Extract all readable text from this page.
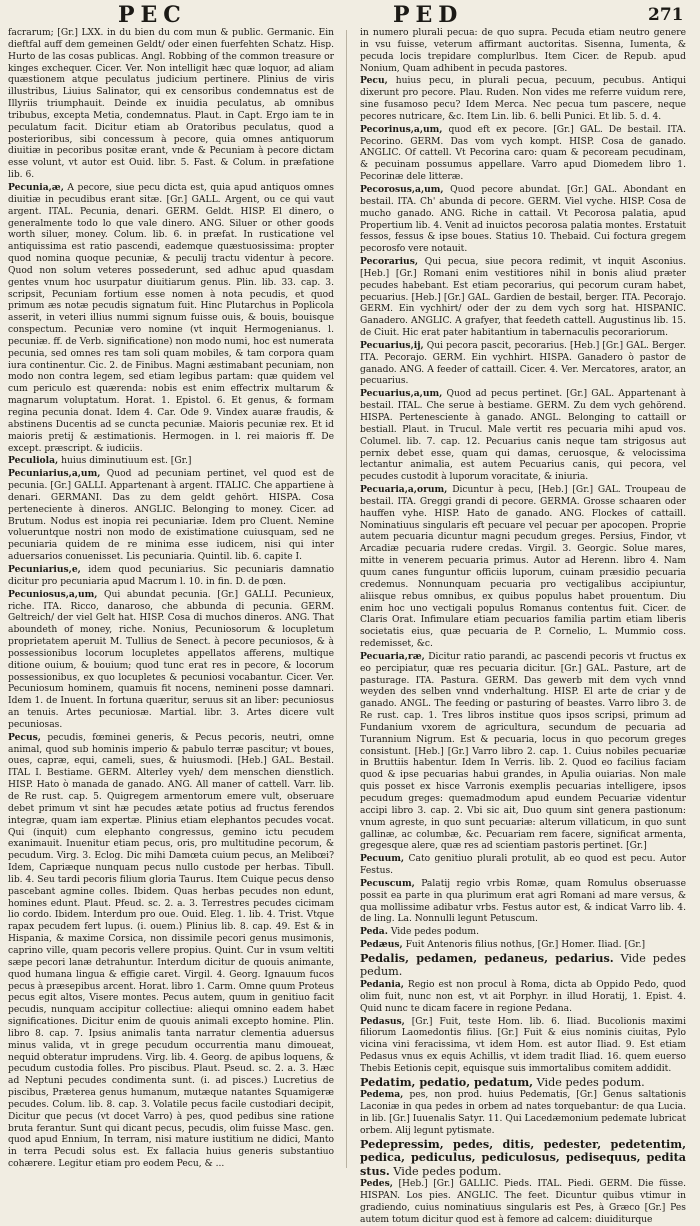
PEC	PED	271

facrarum; [Gr.] LXX. in du bien du com mun & public. Germanic. Ein dieftfal auff dem gemeinen Geldt/ oder einen fuerfehten Schatz. Hisp. Hurto de las cosas publicas. Angl. Robbing of the common treasure or kinges exchequer. Cicer. Ver. Non intelligit hæc quæ loquor, ad aliam quæstionem atque peculatus judicium pertinere. Plinius de viris illustribus, Liuius Salinator, qui ex censoribus condemnatus est de Illyriis triumphauit. Deinde ex inuidia peculatus, ab omnibus tribubus, excepta Metia, condemnatus. Plaut. in Capt. Ergo iam te in peculatum facit. Dicitur etiam ab Oratoribus peculatus, quod a posterioribus, sibi concessum à pecore, quia omnes antiquorum diuitiæ in pecoribus positæ erant, vnde & Pecuniam à pecore dictam esse volunt, vt autor est Ouid. libr. 5. Fast. & Colum. in præfatione lib. 6.

Pecunia,æ, A pecore, siue pecu dicta est, quia apud antiquos omnes diuitiæ in pecudibus erant sitæ. [Gr.] GALL. Argent, ou ce qui vaut argent. ITAL. Pecunia, denari. GERM. Geldt. HISP. El dinero, o generalmente todo lo que vale dinero. ANG. Siluer or other goods worth siluer, money. Colum. lib. 6. in præfat. In rusticatione vel antiquissima est ratio pascendi, eademque quæstuosissima: propter quod nomina quoque pecuniæ, & peculij tractu videntur à pecore. Quod non solum veteres possederunt, sed adhuc apud quasdam gentes vnum hoc usurpatur diuitiarum genus. Plin. lib. 33. cap. 3. scripsit, Pecuniam fortium esse nomen à nota pecudis, et quod primum æs notæ pecudis signatum fuit. Hinc Plutarchus in Poplicola asserit, in veteri illius nummi signum fuisse ouis, & bouis, bouisque conspectum. Pecuniæ vero nomine (vt inquit Hermogenianus. l. pecuniæ. ff. de Verb. significatione) non modo numi, hoc est numerata pecunia, sed omnes res tam soli quam mobiles, & tam corpora quam iura continentur. Cic. 2. de Finibus. Magni æstimabant pecuniam, non modo non contra legem, sed etiam legibus partam: quæ quidem vel cum periculo est quærenda: nobis est enim effectrix multarum & magnarum voluptatum. Horat. 1. Epistol. 6. Et genus, & formam regina pecunia donat. Idem 4. Car. Ode 9. Vindex auaræ fraudis, & abstinens Ducentis ad se cuncta pecuniæ. Maioris pecuniæ rex. Et id maioris pretij & æstimationis. Hermogen. in l. rei maioris ff. De except. præscript. & iudiciis.

Peculiola, huius diminutiuum est. [Gr.]

Pecuniarius,a,um, Quod ad pecuniam pertinet, vel quod est de pecunia. [Gr.] GALLI. Appartenant à argent. ITALIC. Che appartiene à denari. GERMANI. Das zu dem geldt gehört. HISPA. Cosa perteneciente à dineros. ANGLIC. Belonging to money. Cicer. ad Brutum. Nodus est inopia rei pecuniariæ. Idem pro Cluent. Nemine volueruntque nostri non modo de existimatione cuiusquam, sed ne pecuniaria quidem de re minima esse iudicem, nisi qui inter aduersarios conuenisset. Lis pecuniaria. Quintil. lib. 6. capite I.

Pecuniarius,e, idem quod pecuniarius. Sic pecuniaris damnatio dicitur pro pecuniaria apud Macrum l. 10. in fin. D. de pœn.

Pecuniosus,a,um, Qui abundat pecunia. [Gr.] GALLI. Pecunieux, riche. ITA. Ricco, danaroso, che abbunda di pecunia. GERM. Geltreich/ der viel Gelt hat. HISP. Cosa di muchos dineros. ANG. That aboundeth of money, riche. Nonius, Pecuniosorum & locupletum proprietatem aperuit M. Tullius de Senect. à pecore pecuniosos, & à possessionibus locorum locupletes appellatos afferens, multique ditione ouium, & bouium; quod tunc erat res in pecore, & locorum possessionibus, ex quo locupletes & pecuniosi vocabantur. Cicer. Ver. Pecuniosum hominem, quamuis fit nocens, nemineni posse damnari. Idem 1. de Inuent. In fortuna quæritur, seruus sit an liber: pecuniosus an tenuis. Artes pecuniosæ. Martial. libr. 3. Artes dicere vult pecuniosas.

Pecus, pecudis, fœminei generis, & Pecus pecoris, neutri, omne animal, quod sub hominis imperio & pabulo terræ pascitur; vt boues, oues, capræ, equi, cameli, sues, & huiusmodi. [Heb.] GAL. Bestail. ITAL I. Bestiame. GERM. Alterley vyeh/ dem menschen dienstlich. HISP. Hato ò manada de ganado. ANG. All maner of cattell. Varr. lib. de Re rust. cap. 5. Quigregem armentorum emere vult, obseruare debet primum vt sint hæ pecudes ætate potius ad fructus ferendos integræ, quam iam expertæ. Plinius etiam elephantos pecudes vocat. Qui (inquit) cum elephanto congressus, gemino ictu pecudem exanimauit. Inuenitur etiam pecus, oris, pro multitudine pecorum, & pecudum. Virg. 3. Eclog. Dic mihi Damœta cuium pecus, an Melibœi? Idem, Capriæque nunquam pecus nullo custode per herbas. Tibull. lib. 4. Seu tardi pecoris filium gloria Taurus. Item Cuique pecus denso pascebant agmine colles. Ibidem. Quas herbas pecudes non edunt, homines edunt. Plaut. Pfeud. sc. 2. a. 3. Terrestres pecudes cicimam lio cordo. Ibidem. Interdum pro oue. Ouid. Eleg. 1. lib. 4. Trist. Vtque rapax pecudem fert lupus. (i. ouem.) Plinius lib. 8. cap. 49. Est & in Hispania, & maxime Corsica, non dissimile pecori genus musimonis, caprino ville, quam pecoris vellere propius. Quint. Cur in vsum veltiti sæpe pecori lanæ detrahuntur. Interdum dicitur de quouis animante, quod humana lingua & effigie caret. Virgil. 4. Georg. Ignauum fucos pecus à præsepibus arcent. Horat. libro 1. Carm. Omne quum Proteus pecus egit altos, Visere montes. Pecus autem, quum in genitiuo facit pecudis, nunquam accipitur collectiue: aliequi omnino eadem habet significationes. Dicitur enim de quouis animali excepto homine. Plin. libro 8. cap. 7. Ipsius animalis tanta narratur clementia aduersus minus valida, vt in grege pecudum occurrentia manu dimoueat, nequid obteratur imprudens. Virg. lib. 4. Georg. de apibus loquens, & pecudum custodia folles. Pro piscibus. Plaut. Pseud. sc. 2. a. 3. Hæc ad Neptuni pecudes condimenta sunt. (i. ad pisces.) Lucretius de piscibus, Præterea genus humanum, mutæque natantes Squamigeræ pecudes. Colum. lib. 8. cap. 3. Volatile pecus facile custodiari decipit, Dicitur que pecus (vt docet Varro) à pes, quod pedibus sine ratione bruta ferantur. Sunt qui dicant pecus, pecudis, olim fuisse Masc. gen. quod apud Ennium, In terram, nisi mature iustitium ne didici, Manto in terra Pecudi solus est. Ex fallacia huius generis substantiuo cohærere. Legitur etiam pro eodem Pecu, & ...

in numero plurali pecua: de quo supra. Pecuda etiam neutro genere in vsu fuisse, veterum affirmant auctoritas. Sisenna, Iumenta, & pecuda locis trepidare complurlbus. Item Cicer. de Repub. apud Nonium, Quam adhibent in pecuda pastores.

Pecu, huius pecu, in plurali pecua, pecuum, pecubus. Antiqui dixerunt pro pecore. Plau. Ruden. Non vides me referre vuidum rere, sine fusamoso pecu? Idem Merca. Nec pecua tum pascere, neque pecores nutricare, &c. Item Lin. lib. 6. belli Punici. Et lib. 5. d. 4.

Pecorinus,a,um, quod eft ex pecore. [Gr.] GAL. De bestail. ITA. Pecorino. GERM. Das vom vych kompt. HISP. Cosa de ganado. ANGLIC. Of cattell. Vt Pecorina caro: quam & pecoream pecudinam, & pecuinam possumus appellare. Varro apud Diomedem libro 1. Pecorinæ dele litteræ.

Pecorosus,a,um, Quod pecore abundat. [Gr.] GAL. Abondant en bestail. ITA. Ch' abunda di pecore. GERM. Viel vyche. HISP. Cosa de mucho ganado. ANG. Riche in cattail. Vt Pecorosa palatia, apud Propertium lib. 4. Venit ad inuictos pecorosa palatia montes. Erstatuit fessos, fessus & ipse boues. Statius 10. Thebaid. Cui foctura gregem pecorosfo vere notauit.

Pecorarius, Qui pecua, siue pecora redimit, vt inquit Asconius. [Heb.] [Gr.] Romani enim vestitiores nihil in bonis aliud præter pecudes habebant. Est etiam pecorarius, qui pecorum curam habet, pecuarius. [Heb.] [Gr.] GAL. Gardien de bestail, berger. ITA. Pecorajo. GERM. Ein vychhirt/ oder der zu dem vych sorg hat. HISPANIC. Ganadero. ANGLIC. A grafyer, that feedeth cattell. Augustinus lib. 15. de Ciuit. Hic erat pater habitantium in tabernaculis pecorariorum.

Pecuarius,ij, Qui pecora pascit, pecorarius. [Heb.] [Gr.] GAL. Berger. ITA. Pecorajo. GERM. Ein vychhirt. HISPA. Ganadero ò pastor de ganado. ANG. A feeder of cattaill. Cicer. 4. Ver. Mercatores, arator, an pecuarius.

Pecuarius,a,um, Quod ad pecus pertinet. [Gr.] GAL. Appartenant à bestail. ITAL. Che serue à bestiame. GERM. Zu dem vych gehörend. HISPA. Pertenesciente à ganado. ANGL. Belonging to cattaill or bestiall. Plaut. in Trucul. Male vertit res pecuaria mihi apud vos. Columel. lib. 7. cap. 12. Pecuarius canis neque tam strigosus aut pernix debet esse, quam qui damas, ceruosque, & velocissima lectantur animalia, est autem Pecuarius canis, qui pecora, vel pecudes custodit à luporum voracitate, & iniuria.

Pecuaria,a,orum, Dicuntur à pecu, [Heb.] [Gr.] GAL. Troupeau de bestail. ITA. Greggi grandi di pecore. GERMA. Grosse schaaren oder hauffen vyhe. HISP. Hato de ganado. ANG. Flockes of cattaill. Nominatiuus singularis eft pecuare vel pecuar per apocopen. Proprie autem pecuaria dicuntur magni pecudum greges. Persius, Findor, vt Arcadiæ pecuaria rudere credas. Virgil. 3. Georgic. Solue mares, mitte in venerem pecuaria primus. Autor ad Herenn. libro 4. Nam quum canes funguntur officiis luporum, cuinam præsidio pecuaria credemus. Nonnunquam pecuaria pro vectigalibus accipiuntur, aliisque rebus omnibus, ex quibus populus habet prouentum. Diu enim hoc uno vectigali populus Romanus contentus fuit. Cicer. de Claris Orat. Infimulare etiam pecuarios familia partim etiam liberis societatis eius, quæ pecuaria de P. Cornelio, L. Mummio coss. redemisset, &c.

Pecuaria,ræ, Dicitur ratio parandi, ac pascendi pecoris vt fructus ex eo percipiatur, quæ res pecuaria dicitur. [Gr.] GAL. Pasture, art de pasturage. ITA. Pastura. GERM. Das gewerb mit dem vych vnnd weyden des selben vnnd vnderhaltung. HISP. El arte de criar y de ganado. ANGL. The feeding or pasturing of beastes. Varro libro 3. de Re rust. cap. 1. Tres libros institue quos ipsos scripsi, primum ad Fundanium vxorem de agricultura, secundum de pecuaria ad Turannium Nigrum. Est & pecuaria, locus in quo pecorum greges consistunt. [Heb.] [Gr.] Varro libro 2. cap. 1. Cuius nobiles pecuariæ in Bruttiis habentur. Idem In Verris. lib. 2. Quod eo facilius faciam quod & ipse pecuarias habui grandes, in Apulia ouiarias. Non male quis posset ex hisce Varronis exemplis pecuarias intelligere, ipsos pecudum greges: quemadmodum apud eundem Pecuariæ videntur accipi libro 3. cap. 2. Vbi sic ait, Duo quum sint genera pastionum: vnum agreste, in quo sunt pecuariæ: alterum villaticum, in quo sunt gallinæ, ac columbæ, &c. Pecuariam rem facere, significat armenta, gregesque alere, quæ res ad scientiam pastoris pertinet. [Gr.]

Pecuum, Cato genitiuo plurali protulit, ab eo quod est pecu. Autor Festus.

Pecuscum, Palatij regio vrbis Romæ, quam Romulus obseruasse possit ea parte in qua plurimum erat agri Romani ad mare versus, & qua mollissime adibatur vrbs. Festus autor est, & indicat Varro lib. 4. de ling. La. Nonnulli legunt Petuscum.

Peda. Vide pedes podum.

Pedæus, Fuit Antenoris filius nothus, [Gr.] Homer. Iliad. [Gr.]

Pedalis, pedamen, pedaneus, pedarius. Vide pedes pedum.

Pedania, Regio est non procul à Roma, dicta ab Oppido Pedo, quod olim fuit, nunc non est, vt ait Porphyr. in illud Horatij, 1. Epist. 4. Quid nunc te dicam facere in regione Pedana.

Pedasus, [Gr.] Fuit, teste Hom. lib. 6. Iliad. Bucolionis maximi filiorum Laomedontis filius. [Gr.] Fuit & eius nominis ciuitas, Pylo vicina vini feracissima, vt idem Hom. est autor Iliad. 9. Est etiam Pedasus vnus ex equis Achillis, vt idem tradit Iliad. 16. quem euerso Thebis Eetionis cepit, equisque suis immortalibus comitem addidit.

Pedatim, pedatio, pedatum, Vide pedes podum.

Pedema, pes, non prod. huius Pedematis, [Gr.] Genus saltationis Laconiæ in qua pedes in orbem ad nates torquebantur: de qua Lucia. in lib. [Gr.] Iuuenalis Satyr. 11. Qui Lacedæmonium pedemate lubricat orbem. Alij legunt pytismate.

Pedepressim, pedes, ditis, pedester, pedetentim, pedica, pediculus, pediculosus, pedisequus, pedita stus. Vide pedes podum.

Pedes, [Heb.] [Gr.] GALLIC. Pieds. ITAL. Piedi. GERM. Die füsse. HISPAN. Los pies. ANGLIC. The feet. Dicuntur quibus vtimur in gradiendo, cuius nominatiuus singularis est Pes, à Græco [Gr.] Pes autem totum dicitur quod est à femore ad calcem: diuiditurque
